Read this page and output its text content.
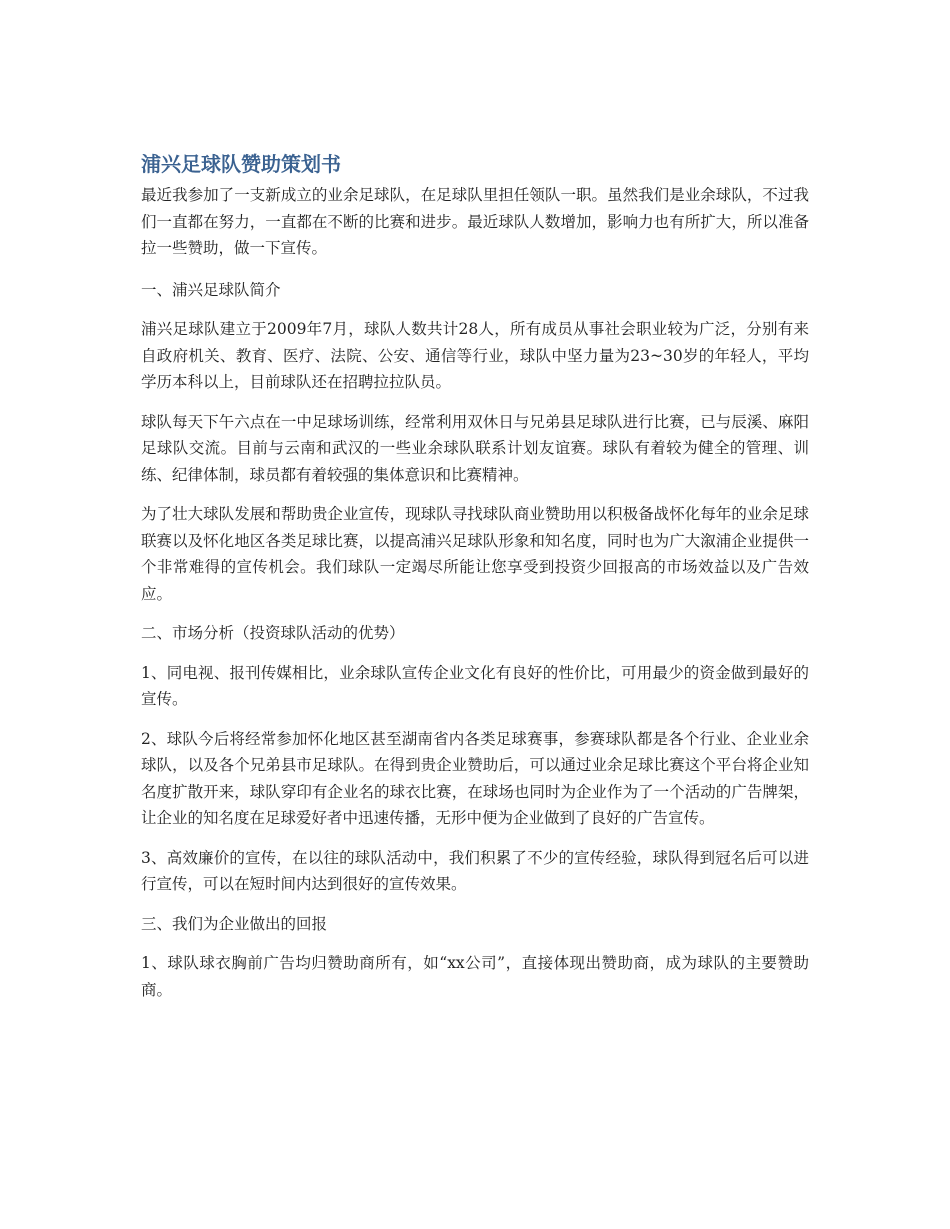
浦兴足球队赞助策划书

最近我参加了一支新成立的业余足球队，在足球队里担任领队一职。虽然我们是业余球队，不过我们一直都在努力，一直都在不断的比赛和进步。最近球队人数增加，影响力也有所扩大，所以准备拉一些赞助，做一下宣传。

一、浦兴足球队简介

浦兴足球队建立于2009年7月，球队人数共计28人，所有成员从事社会职业较为广泛，分别有来自政府机关、教育、医疗、法院、公安、通信等行业，球队中坚力量为23~30岁的年轻人，平均学历本科以上，目前球队还在招聘拉拉队员。

球队每天下午六点在一中足球场训练，经常利用双休日与兄弟县足球队进行比赛，已与辰溪、麻阳足球队交流。目前与云南和武汉的一些业余球队联系计划友谊赛。球队有着较为健全的管理、训练、纪律体制，球员都有着较强的集体意识和比赛精神。

为了壮大球队发展和帮助贵企业宣传，现球队寻找球队商业赞助用以积极备战怀化每年的业余足球联赛以及怀化地区各类足球比赛，以提高浦兴足球队形象和知名度，同时也为广大溆浦企业提供一个非常难得的宣传机会。我们球队一定竭尽所能让您享受到投资少回报高的市场效益以及广告效应。

二、市场分析（投资球队活动的优势）

1、同电视、报刊传媒相比，业余球队宣传企业文化有良好的性价比，可用最少的资金做到最好的宣传。

2、球队今后将经常参加怀化地区甚至湖南省内各类足球赛事，参赛球队都是各个行业、企业业余球队，以及各个兄弟县市足球队。在得到贵企业赞助后，可以通过业余足球比赛这个平台将企业知名度扩散开来，球队穿印有企业名的球衣比赛，在球场也同时为企业作为了一个活动的广告牌架，让企业的知名度在足球爱好者中迅速传播，无形中便为企业做到了良好的广告宣传。

3、高效廉价的宣传，在以往的球队活动中，我们积累了不少的宣传经验，球队得到冠名后可以进行宣传，可以在短时间内达到很好的宣传效果。

三、我们为企业做出的回报

1、球队球衣胸前广告均归赞助商所有，如“xx公司”，直接体现出赞助商，成为球队的主要赞助商。
